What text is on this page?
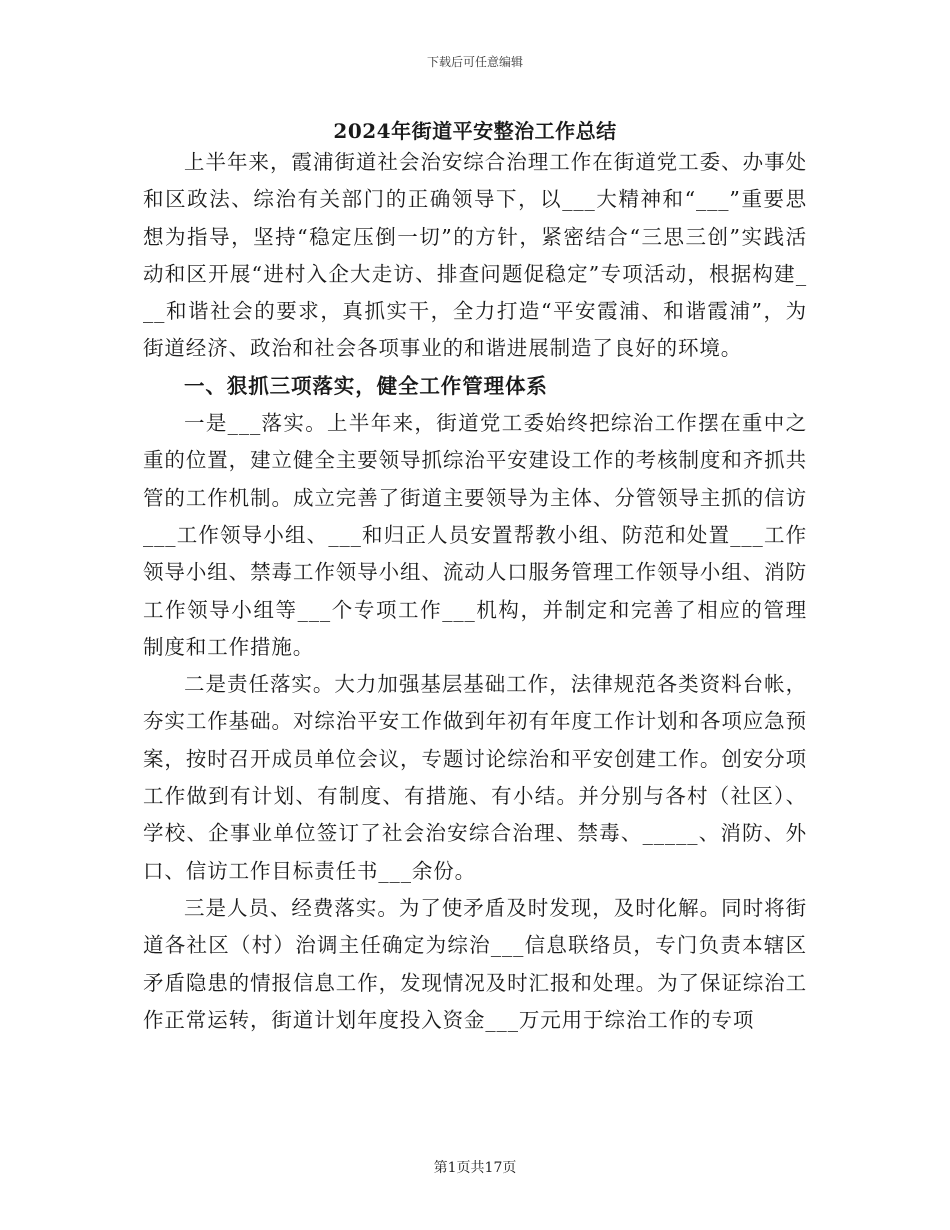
下载后可任意编辑
2024年街道平安整治工作总结

上半年来，霞浦街道社会治安综合治理工作在街道党工委、办事处和区政法、综治有关部门的正确领导下，以___大精神和“___”重要思想为指导，坚持“稳定压倒一切”的方针，紧密结合“三思三创”实践活动和区开展“进村入企大走访、排查问题促稳定”专项活动，根据构建___和谐社会的要求，真抓实干，全力打造“平安霞浦、和谐霞浦”，为街道经济、政治和社会各项事业的和谐进展制造了良好的环境。

一、狠抓三项落实，健全工作管理体系

一是___落实。上半年来，街道党工委始终把综治工作摆在重中之重的位置，建立健全主要领导抓综治平安建设工作的考核制度和齐抓共管的工作机制。成立完善了街道主要领导为主体、分管领导主抓的信访___工作领导小组、___和归正人员安置帮教小组、防范和处置___工作领导小组、禁毒工作领导小组、流动人口服务管理工作领导小组、消防工作领导小组等___个专项工作___机构，并制定和完善了相应的管理制度和工作措施。

二是责任落实。大力加强基层基础工作，法律规范各类资料台帐，夯实工作基础。对综治平安工作做到年初有年度工作计划和各项应急预案，按时召开成员单位会议，专题讨论综治和平安创建工作。创安分项工作做到有计划、有制度、有措施、有小结。并分别与各村（社区）、学校、企事业单位签订了社会治安综合治理、禁毒、_____、消防、外口、信访工作目标责任书___余份。

三是人员、经费落实。为了使矛盾及时发现，及时化解。同时将街道各社区（村）治调主任确定为综治___信息联络员，专门负责本辖区矛盾隐患的情报信息工作，发现情况及时汇报和处理。为了保证综治工作正常运转，街道计划年度投入资金___万元用于综治工作的专项

第1页共17页
